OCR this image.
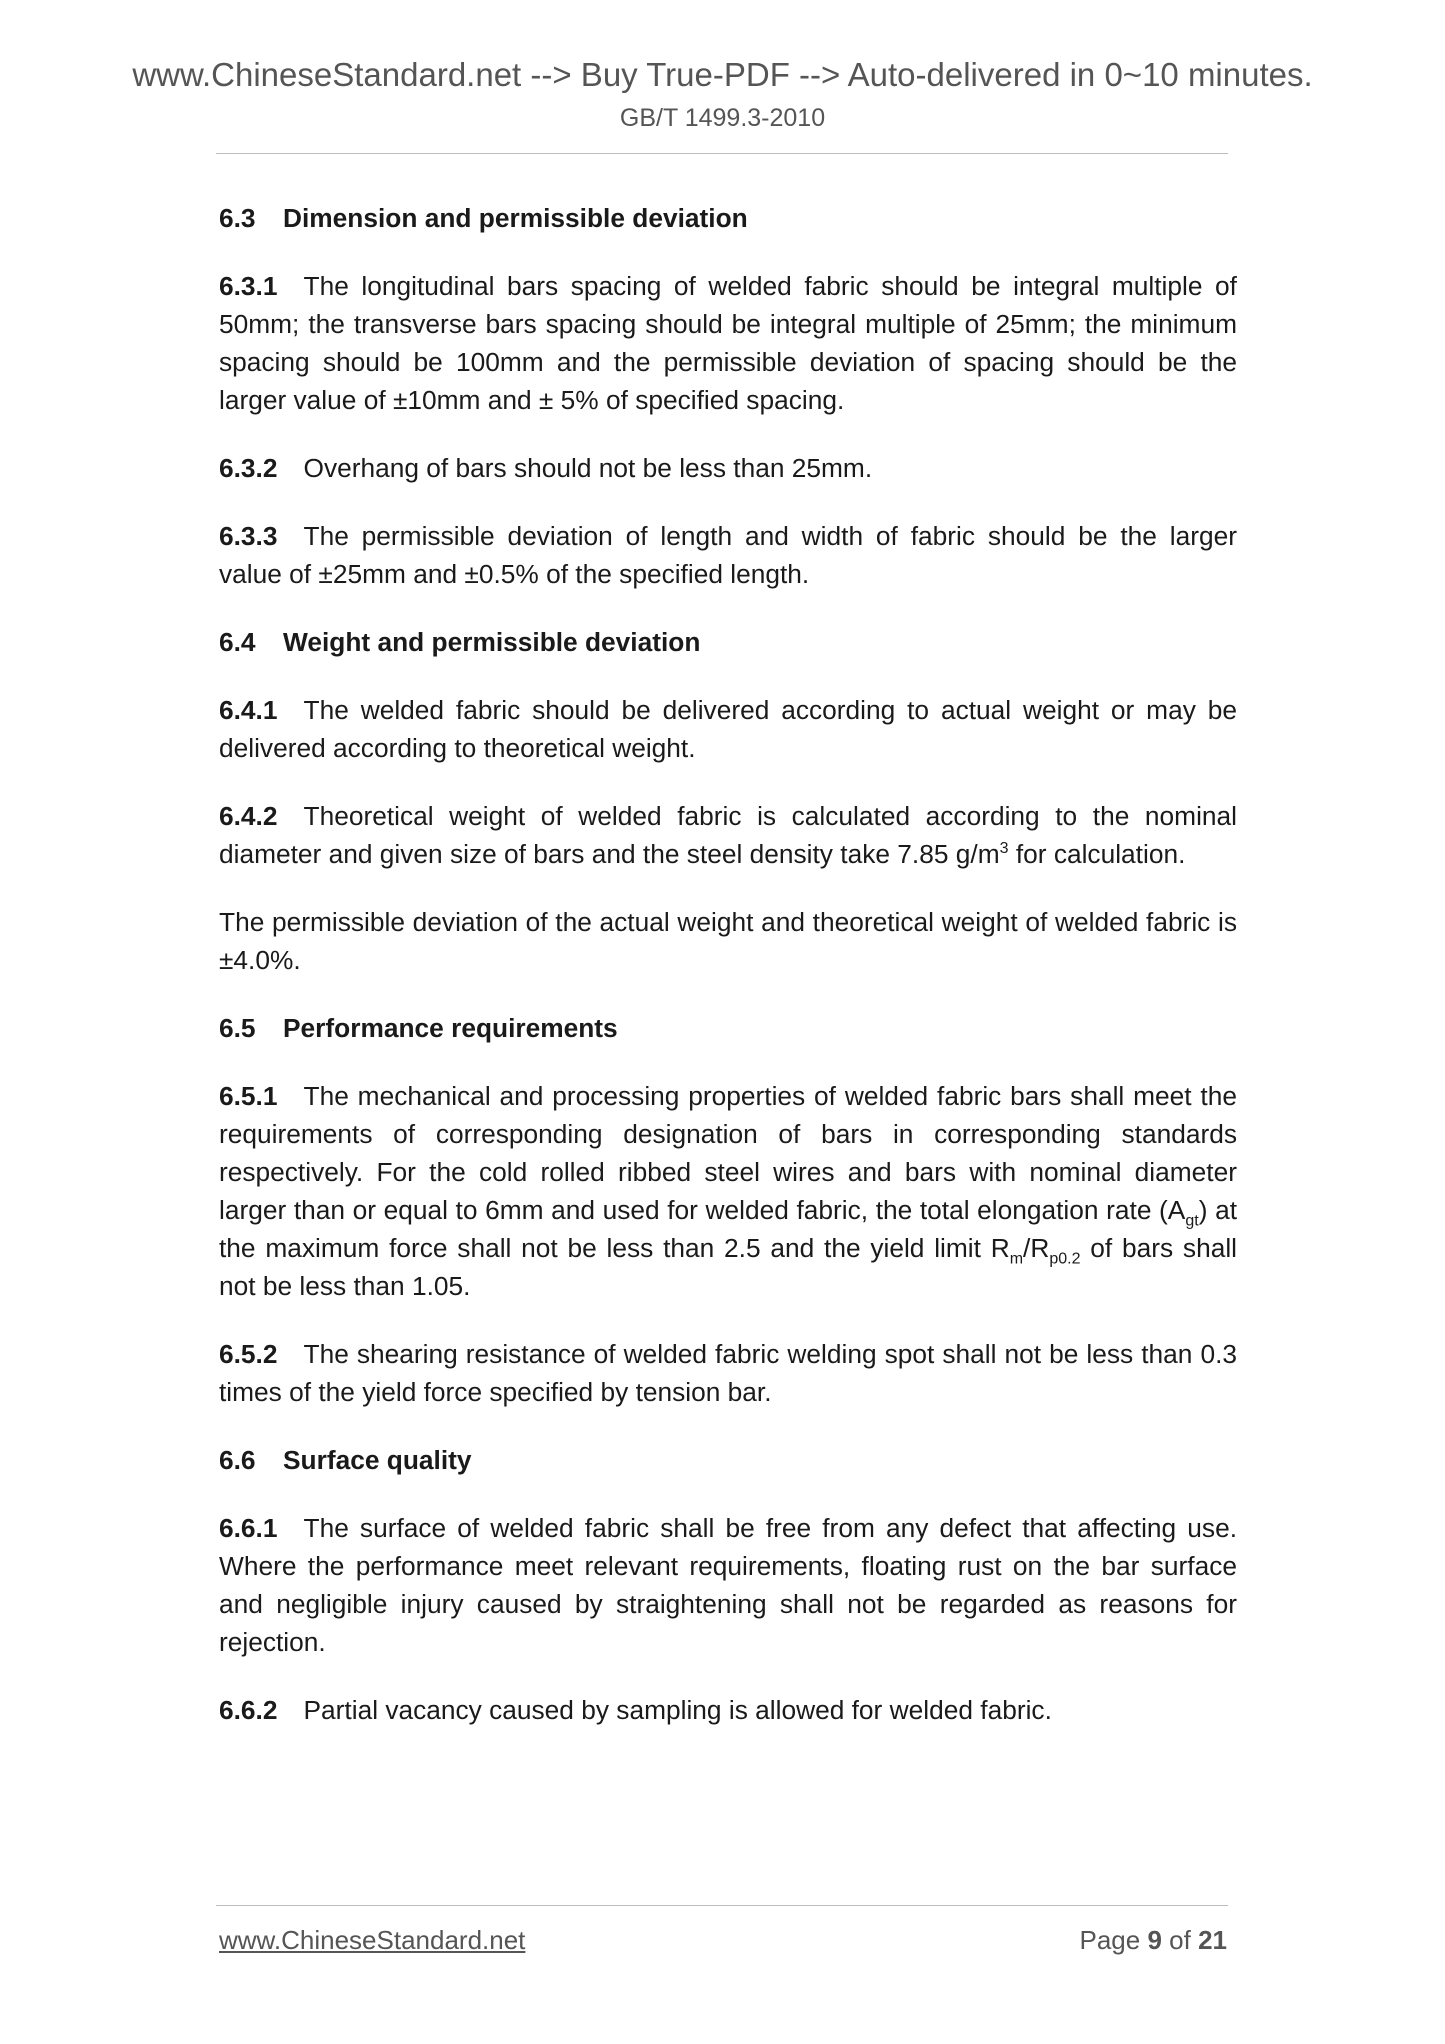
www.ChineseStandard.net --> Buy True-PDF --> Auto-delivered in 0~10 minutes.
GB/T 1499.3-2010

6.3 Dimension and permissible deviation

6.3.1 The longitudinal bars spacing of welded fabric should be integral multiple of 50mm; the transverse bars spacing should be integral multiple of 25mm; the minimum spacing should be 100mm and the permissible deviation of spacing should be the larger value of ±10mm and ± 5% of specified spacing.

6.3.2 Overhang of bars should not be less than 25mm.

6.3.3 The permissible deviation of length and width of fabric should be the larger value of ±25mm and ±0.5% of the specified length.

6.4 Weight and permissible deviation

6.4.1 The welded fabric should be delivered according to actual weight or may be delivered according to theoretical weight.

6.4.2 Theoretical weight of welded fabric is calculated according to the nominal diameter and given size of bars and the steel density take 7.85 $g/m^3$ for calculation.

The permissible deviation of the actual weight and theoretical weight of welded fabric is ±4.0%.

6.5 Performance requirements

6.5.1 The mechanical and processing properties of welded fabric bars shall meet the requirements of corresponding designation of bars in corresponding standards respectively. For the cold rolled ribbed steel wires and bars with nominal diameter larger than or equal to 6mm and used for welded fabric, the total elongation rate $(A_{gt})$ at the maximum force shall not be less than 2.5 and the yield limit $R_m/R_{p0.2}$ of bars shall not be less than 1.05.

6.5.2 The shearing resistance of welded fabric welding spot shall not be less than 0.3 times of the yield force specified by tension bar.

6.6 Surface quality

6.6.1 The surface of welded fabric shall be free from any defect that affecting use. Where the performance meet relevant requirements, floating rust on the bar surface and negligible injury caused by straightening shall not be regarded as reasons for rejection.

6.6.2 Partial vacancy caused by sampling is allowed for welded fabric.

www.ChineseStandard.net	Page 9 of 21
